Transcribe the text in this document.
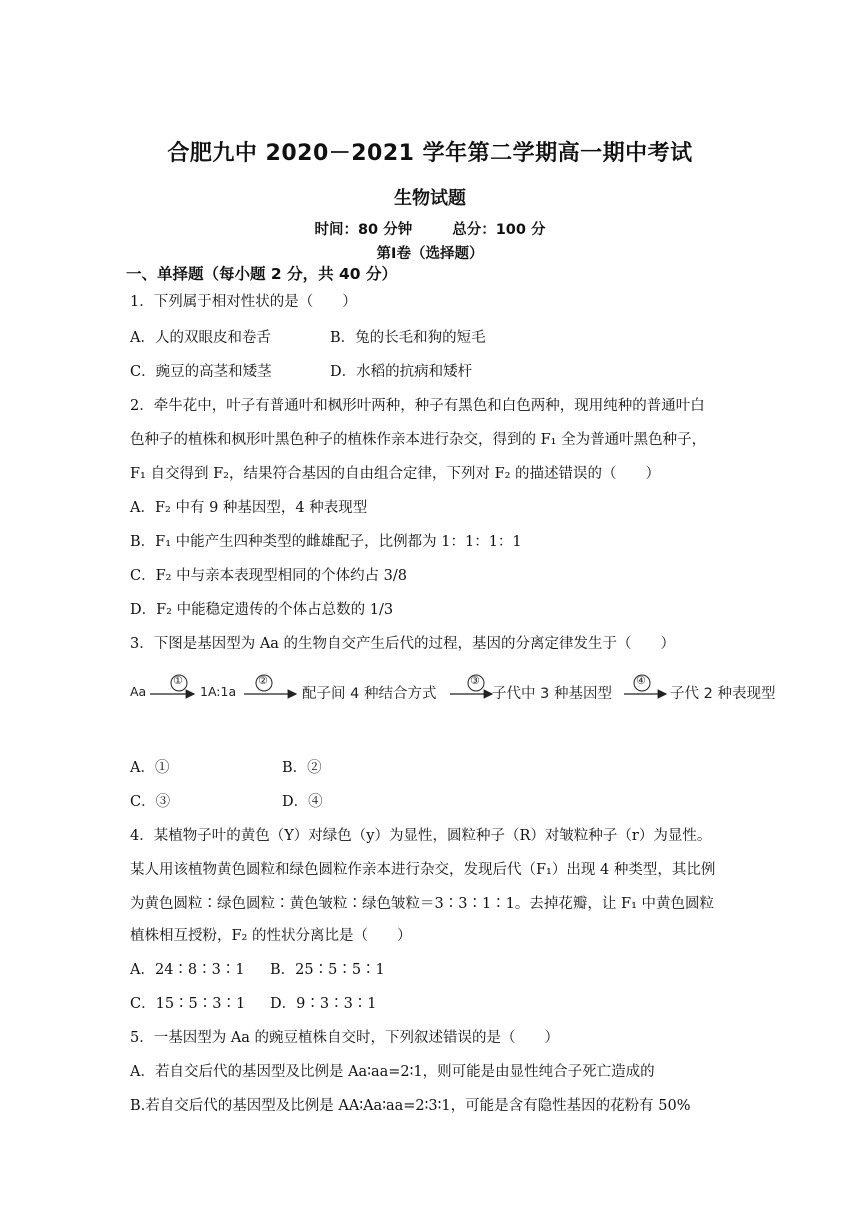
合肥九中 2020－2021 学年第二学期高一期中考试
生物试题
时间：80 分钟	总分：100 分
第Ⅰ卷（选择题）
一、单择题（每小题 2 分，共 40 分）
1．下列属于相对性状的是（　　）
A．人的双眼皮和卷舌	B．兔的长毛和狗的短毛
C．豌豆的高茎和矮茎	D．水稻的抗病和矮杆
2．牵牛花中，叶子有普通叶和枫形叶两种，种子有黑色和白色两种，现用纯种的普通叶白
色种子的植株和枫形叶黑色种子的植株作亲本进行杂交，得到的 F₁ 全为普通叶黑色种子，
F₁ 自交得到 F₂，结果符合基因的自由组合定律，下列对 F₂ 的描述错误的（　　）
A．F₂ 中有 9 种基因型，4 种表现型
B．F₁ 中能产生四种类型的雌雄配子，比例都为 1：1：1：1
C．F₂ 中与亲本表现型相同的个体约占 3/8
D．F₂ 中能稳定遗传的个体占总数的 1/3
3．下图是基因型为 Aa 的生物自交产生后代的过程，基因的分离定律发生于（　　）
Aa
①
1A:1a
②
配子间 4 种结合方式
③
子代中 3 种基因型
④
子代 2 种表现型
A．①	B．②
C．③	D．④
4．某植物子叶的黄色（Y）对绿色（y）为显性，圆粒种子（R）对皱粒种子（r）为显性。
某人用该植物黄色圆粒和绿色圆粒作亲本进行杂交，发现后代（F₁）出现 4 种类型，其比例
为黄色圆粒∶绿色圆粒∶黄色皱粒∶绿色皱粒＝3∶3∶1∶1。去掉花瓣，让 F₁ 中黄色圆粒
植株相互授粉，F₂ 的性状分离比是（　　）
A．24∶8∶3∶1 B．25∶5∶5∶1
C．15∶5∶3∶1 D．9∶3∶3∶1
5．一基因型为 Aa 的豌豆植株自交时，下列叙述错误的是（　　）
A．若自交后代的基因型及比例是 Aa∶aa=2∶1，则可能是由显性纯合子死亡造成的
B.若自交后代的基因型及比例是 AA∶Aa∶aa=2∶3∶1，可能是含有隐性基因的花粉有 50%
